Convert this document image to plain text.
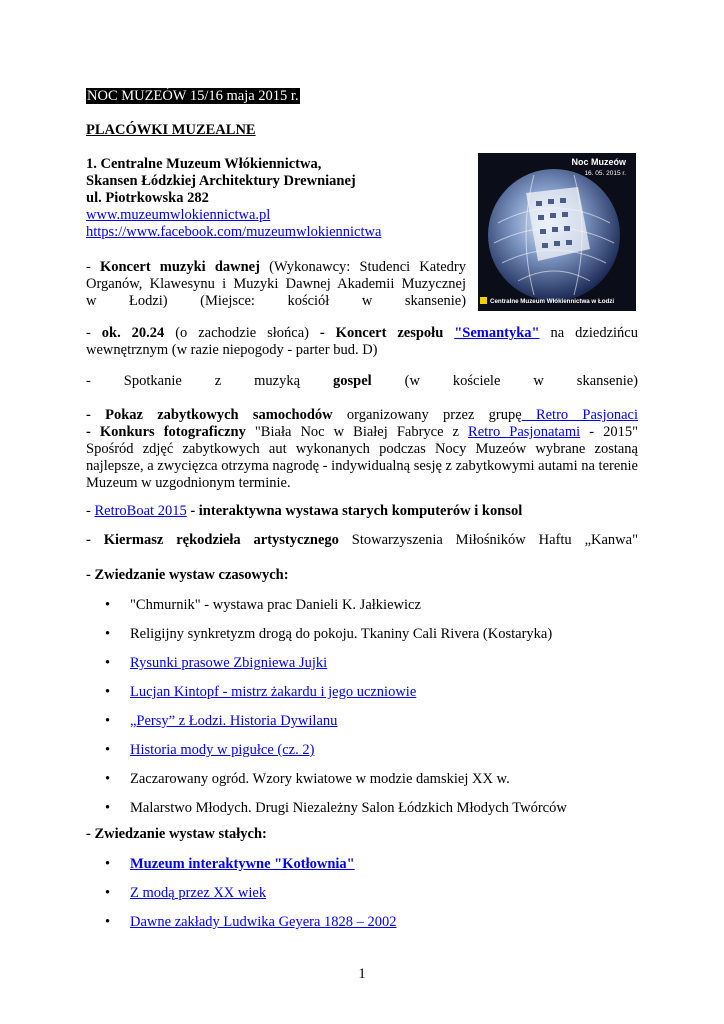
NOC MUZEÓW 15/16 maja 2015 r.
PLACÓWKI MUZEALNE
1. Centralne Muzeum Włókiennictwa,
Skansen Łódzkiej Architektury Drewnianej
ul. Piotrkowska 282
www.muzeumwlokiennictwa.pl
https://www.facebook.com/muzeumwlokiennictwa
- Koncert muzyki dawnej (Wykonawcy: Studenci Katedry
Organów, Klawesynu i Muzyki Dawnej Akademii Muzycznej
w Łodzi) (Miejsce: kościół w skansenie)
- ok. 20.24 (o zachodzie słońca) - Koncert zespołu "Semantyka" na dziedzińcu
wewnętrznym (w razie niepogody - parter bud. D)
- Spotkanie z muzyką gospel (w kościele w skansenie)
- Pokaz zabytkowych samochodów organizowany przez grupę Retro Pasjonaci
- Konkurs fotograficzny "Biała Noc w Białej Fabryce z Retro Pasjonatami - 2015"
Spośród zdjęć zabytkowych aut wykonanych podczas Nocy Muzeów wybrane zostaną najlepsze, a zwycięzca otrzyma nagrodę - indywidualną sesję z zabytkowymi autami na terenie Muzeum w uzgodnionym terminie.
- RetroBoat 2015 - interaktywna wystawa starych komputerów i konsol
- Kiermasz rękodzieła artystycznego Stowarzyszenia Miłośników Haftu „Kanwa"
- Zwiedzanie wystaw czasowych:
• "Chmurnik" - wystawa prac Danieli K. Jałkiewicz
• Religijny synkretyzm drogą do pokoju. Tkaniny Cali Rivera (Kostaryka)
• Rysunki prasowe Zbigniewa Jujki
• Lucjan Kintopf - mistrz żakardu i jego uczniowie
• „Persy” z Łodzi. Historia Dywilanu
• Historia mody w pigułce (cz. 2)
• Zaczarowany ogród. Wzory kwiatowe w modzie damskiej XX w.
• Malarstwo Młodych. Drugi Niezależny Salon Łódzkich Młodych Twórców
- Zwiedzanie wystaw stałych:
• Muzeum interaktywne "Kotłownia"
• Z modą przez XX wiek
• Dawne zakłady Ludwika Geyera 1828 – 2002
Noc Muzeów
16. 05. 2015 r.
Centralne Muzeum Włókiennictwa w Łodzi
1
